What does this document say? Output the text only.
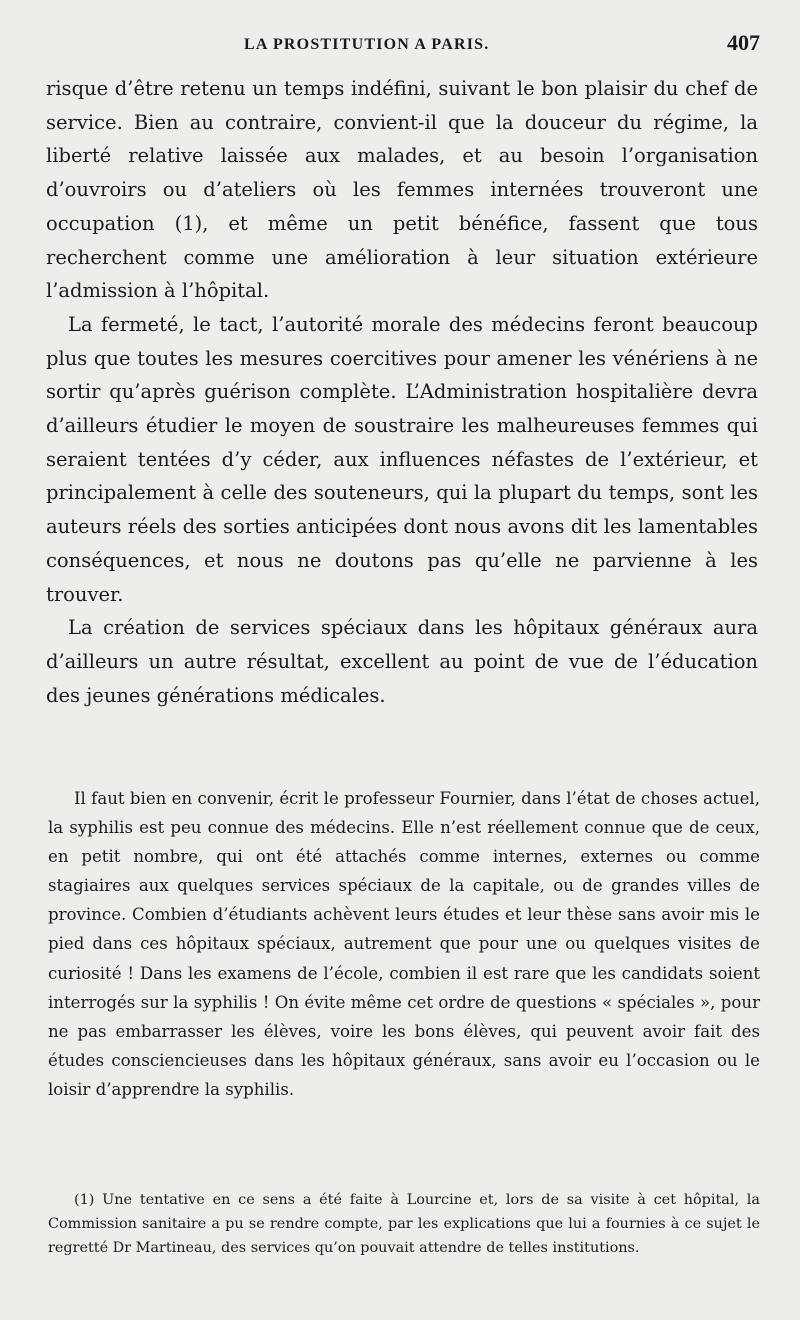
LA PROSTITUTION A PARIS.	407

risque d’être retenu un temps indéfini, suivant le bon plaisir du chef de service. Bien au contraire, convient-il que la douceur du régime, la liberté relative laissée aux malades, et au besoin l’organisation d’ouvroirs ou d’ateliers où les femmes internées trouveront une occupation (1), et même un petit bénéfice, fassent que tous recherchent comme une amélioration à leur situation extérieure l’admission à l’hôpital.

La fermeté, le tact, l’autorité morale des médecins feront beaucoup plus que toutes les mesures coercitives pour amener les vénériens à ne sortir qu’après guérison complète. L’Administration hospitalière devra d’ailleurs étudier le moyen de soustraire les malheureuses femmes qui seraient tentées d’y céder, aux influences néfastes de l’extérieur, et principalement à celle des souteneurs, qui la plupart du temps, sont les auteurs réels des sorties anticipées dont nous avons dit les lamentables conséquences, et nous ne doutons pas qu’elle ne parvienne à les trouver.

La création de services spéciaux dans les hôpitaux généraux aura d’ailleurs un autre résultat, excellent au point de vue de l’éducation des jeunes générations médicales.

Il faut bien en convenir, écrit le professeur Fournier, dans l’état de choses actuel, la syphilis est peu connue des médecins. Elle n’est réellement connue que de ceux, en petit nombre, qui ont été attachés comme internes, externes ou comme stagiaires aux quelques services spéciaux de la capitale, ou de grandes villes de province. Combien d’étudiants achèvent leurs études et leur thèse sans avoir mis le pied dans ces hôpitaux spéciaux, autrement que pour une ou quelques visites de curiosité ! Dans les examens de l’école, combien il est rare que les candidats soient interrogés sur la syphilis ! On évite même cet ordre de questions « spéciales », pour ne pas embarrasser les élèves, voire les bons élèves, qui peuvent avoir fait des études consciencieuses dans les hôpitaux généraux, sans avoir eu l’occasion ou le loisir d’apprendre la syphilis.

(1) Une tentative en ce sens a été faite à Lourcine et, lors de sa visite à cet hôpital, la Commission sanitaire a pu se rendre compte, par les explications que lui a fournies à ce sujet le regretté Dr Martineau, des services qu’on pouvait attendre de telles institutions.
